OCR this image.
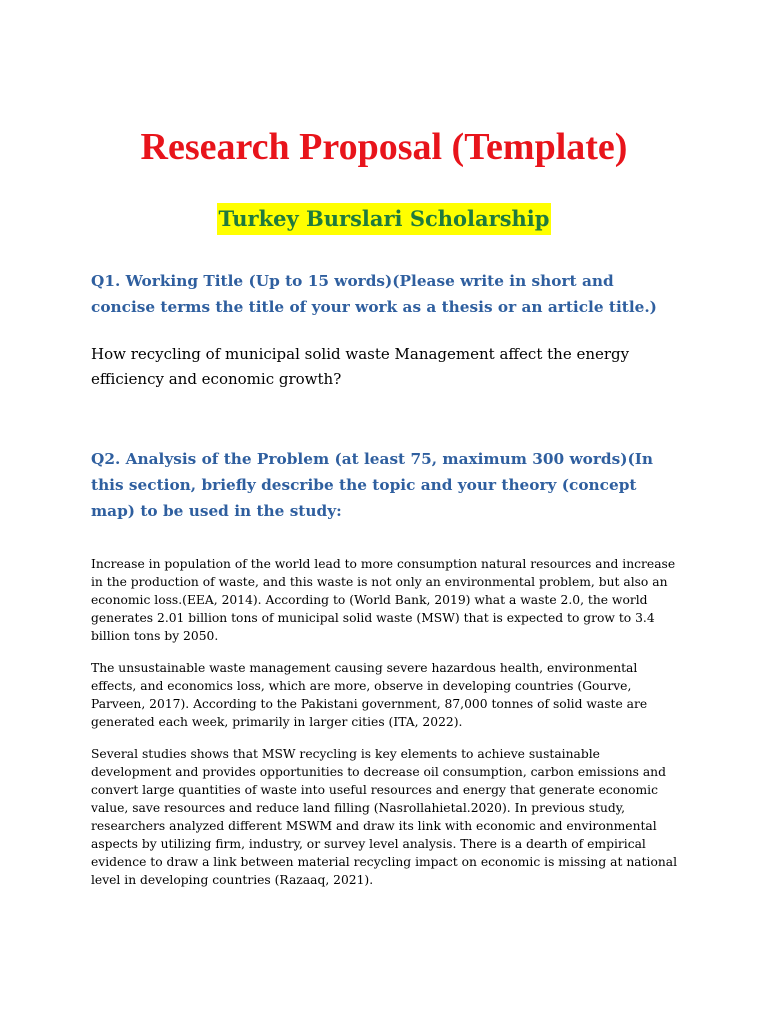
Research Proposal (Template)
Turkey Burslari Scholarship

Q1. Working Title (Up to 15 words)(Please write in short and concise terms the title of your work as a thesis or an article title.)

How recycling of municipal solid waste Management affect the energy efficiency and economic growth?

Q2. Analysis of the Problem (at least 75, maximum 300 words)(In this section, briefly describe the topic and your theory (concept map) to be used in the study:

Increase in population of the world lead to more consumption natural resources and increase in the production of waste, and this waste is not only an environmental problem, but also an economic loss.(EEA, 2014). According to (World Bank, 2019) what a waste 2.0, the world generates 2.01 billion tons of municipal solid waste (MSW) that is expected to grow to 3.4 billion tons by 2050.

The unsustainable waste management causing severe hazardous health, environmental effects, and economics loss, which are more, observe in developing countries (Gourve, Parveen, 2017). According to the Pakistani government, 87,000 tonnes of solid waste are generated each week, primarily in larger cities (ITA, 2022).

Several studies shows that MSW recycling is key elements to achieve sustainable development and provides opportunities to decrease oil consumption, carbon emissions and convert large quantities of waste into useful resources and energy that generate economic value, save resources and reduce land filling (Nasrollahietal.2020). In previous study, researchers analyzed different MSWM and draw its link with economic and environmental aspects by utilizing firm, industry, or survey level analysis. There is a dearth of empirical evidence to draw a link between material recycling impact on economic is missing at national level in developing countries (Razaaq, 2021).
